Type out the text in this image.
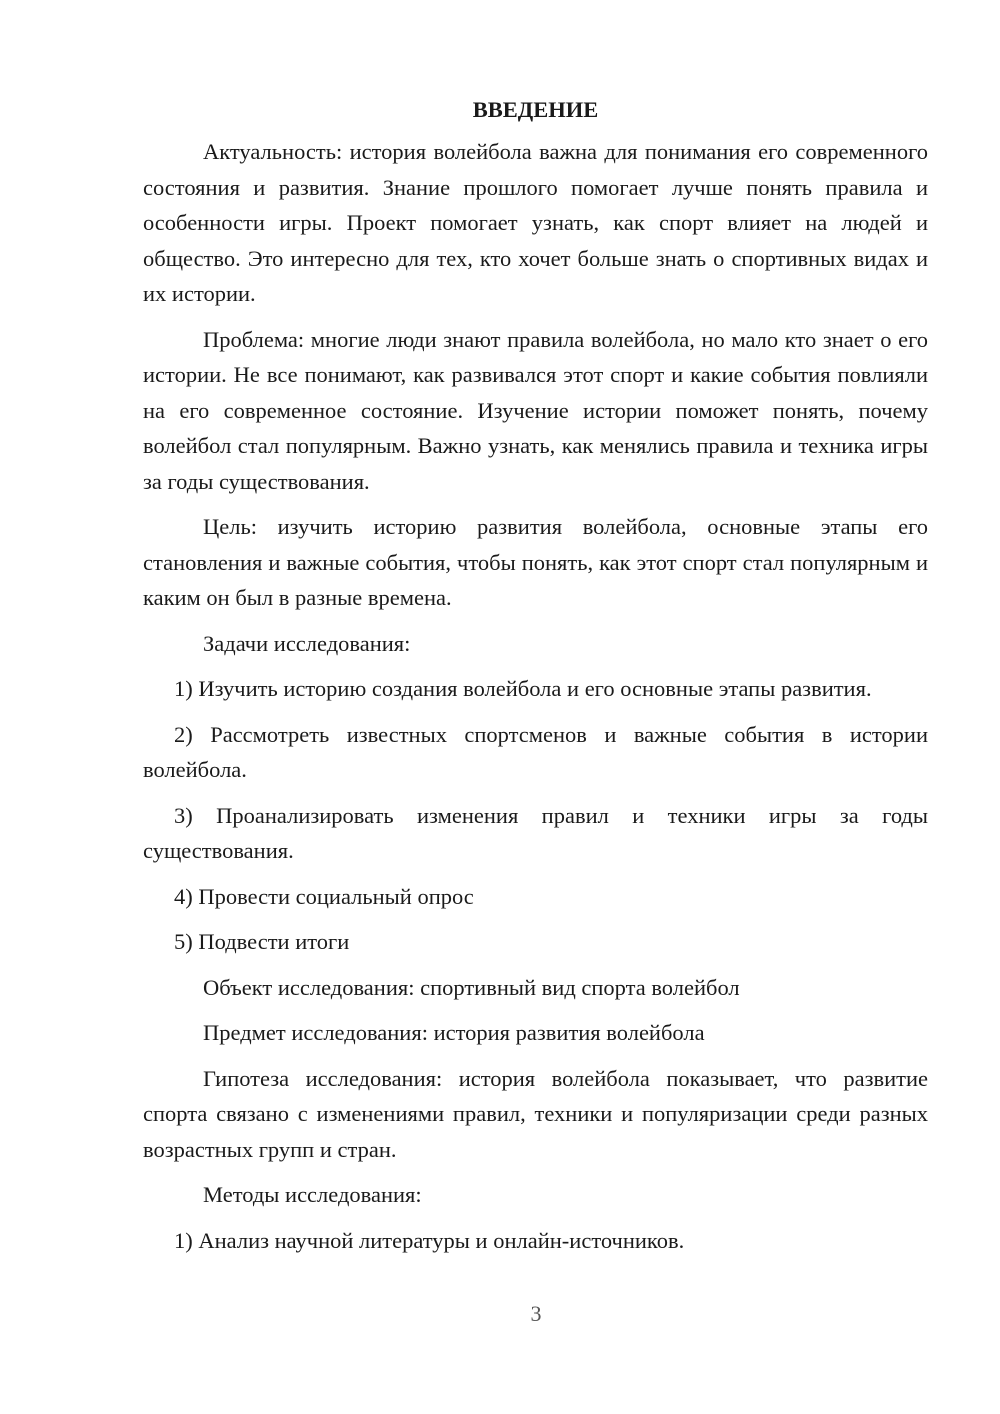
ВВЕДЕНИЕ

Актуальность: история волейбола важна для понимания его современного состояния и развития. Знание прошлого помогает лучше понять правила и особенности игры. Проект помогает узнать, как спорт влияет на людей и общество. Это интересно для тех, кто хочет больше знать о спортивных видах и их истории.

Проблема: многие люди знают правила волейбола, но мало кто знает о его истории. Не все понимают, как развивался этот спорт и какие события повлияли на его современное состояние. Изучение истории поможет понять, почему волейбол стал популярным. Важно узнать, как менялись правила и техника игры за годы существования.

Цель: изучить историю развития волейбола, основные этапы его становления и важные события, чтобы понять, как этот спорт стал популярным и каким он был в разные времена.

Задачи исследования:

1) Изучить историю создания волейбола и его основные этапы развития.

2) Рассмотреть известных спортсменов и важные события в истории волейбола.

3) Проанализировать изменения правил и техники игры за годы существования.

4) Провести социальный опрос

5) Подвести итоги

Объект исследования: спортивный вид спорта волейбол

Предмет исследования: история развития волейбола

Гипотеза исследования: история волейбола показывает, что развитие спорта связано с изменениями правил, техники и популяризации среди разных возрастных групп и стран.

Методы исследования:

1) Анализ научной литературы и онлайн-источников.

3
